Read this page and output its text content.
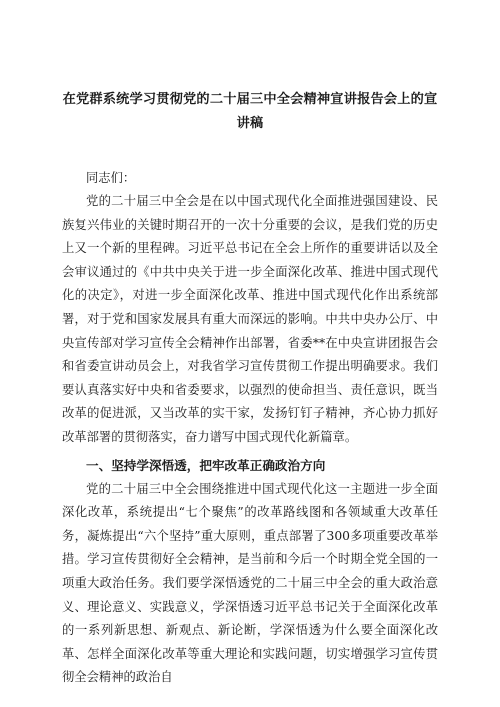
在党群系统学习贯彻党的二十届三中全会精神宣讲报告会上的宣
讲稿

同志们：

党的二十届三中全会是在以中国式现代化全面推进强国建设、民族复兴伟业的关键时期召开的一次十分重要的会议，是我们党的历史上又一个新的里程碑。习近平总书记在全会上所作的重要讲话以及全会审议通过的《中共中央关于进一步全面深化改革、推进中国式现代化的决定》，对进一步全面深化改革、推进中国式现代化作出系统部署，对于党和国家发展具有重大而深远的影响。中共中央办公厅、中央宣传部对学习宣传全会精神作出部署，省委**在中央宣讲团报告会和省委宣讲动员会上，对我省学习宣传贯彻工作提出明确要求。我们要认真落实好中央和省委要求，以强烈的使命担当、责任意识，既当改革的促进派，又当改革的实干家，发扬钉钉子精神，齐心协力抓好改革部署的贯彻落实，奋力谱写中国式现代化新篇章。

一、坚持学深悟透，把牢改革正确政治方向

党的二十届三中全会围绕推进中国式现代化这一主题进一步全面深化改革，系统提出“七个聚焦”的改革路线图和各领域重大改革任务，凝炼提出“六个坚持”重大原则，重点部署了300多项重要改革举措。学习宣传贯彻好全会精神，是当前和今后一个时期全党全国的一项重大政治任务。我们要学深悟透党的二十届三中全会的重大政治意义、理论意义、实践意义，学深悟透习近平总书记关于全面深化改革的一系列新思想、新观点、新论断，学深悟透为什么要全面深化改革、怎样全面深化改革等重大理论和实践问题，切实增强学习宣传贯彻全会精神的政治自
